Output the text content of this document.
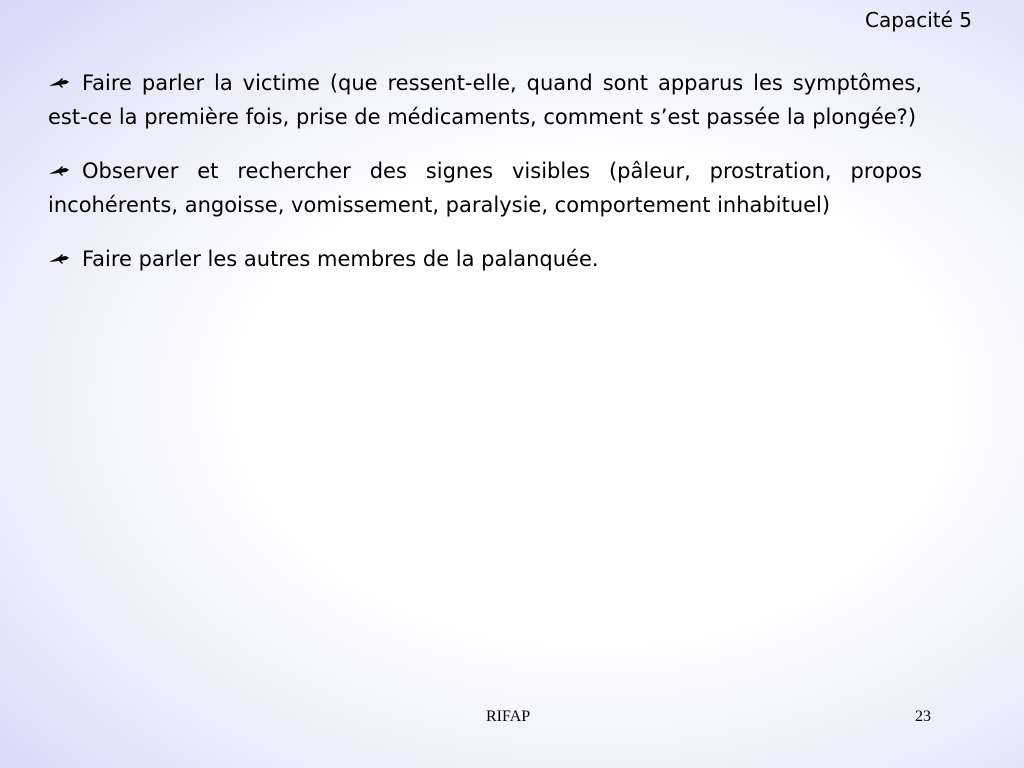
Capacité 5
Faire parler la victime (que ressent-elle, quand sont apparus les symptômes, est-ce la première fois, prise de médicaments, comment s’est passée la plongée?)
Observer et rechercher des signes visibles (pâleur, prostration, propos incohérents, angoisse, vomissement, paralysie, comportement inhabituel)
Faire parler les autres membres de la palanquée.
RIFAP	23
